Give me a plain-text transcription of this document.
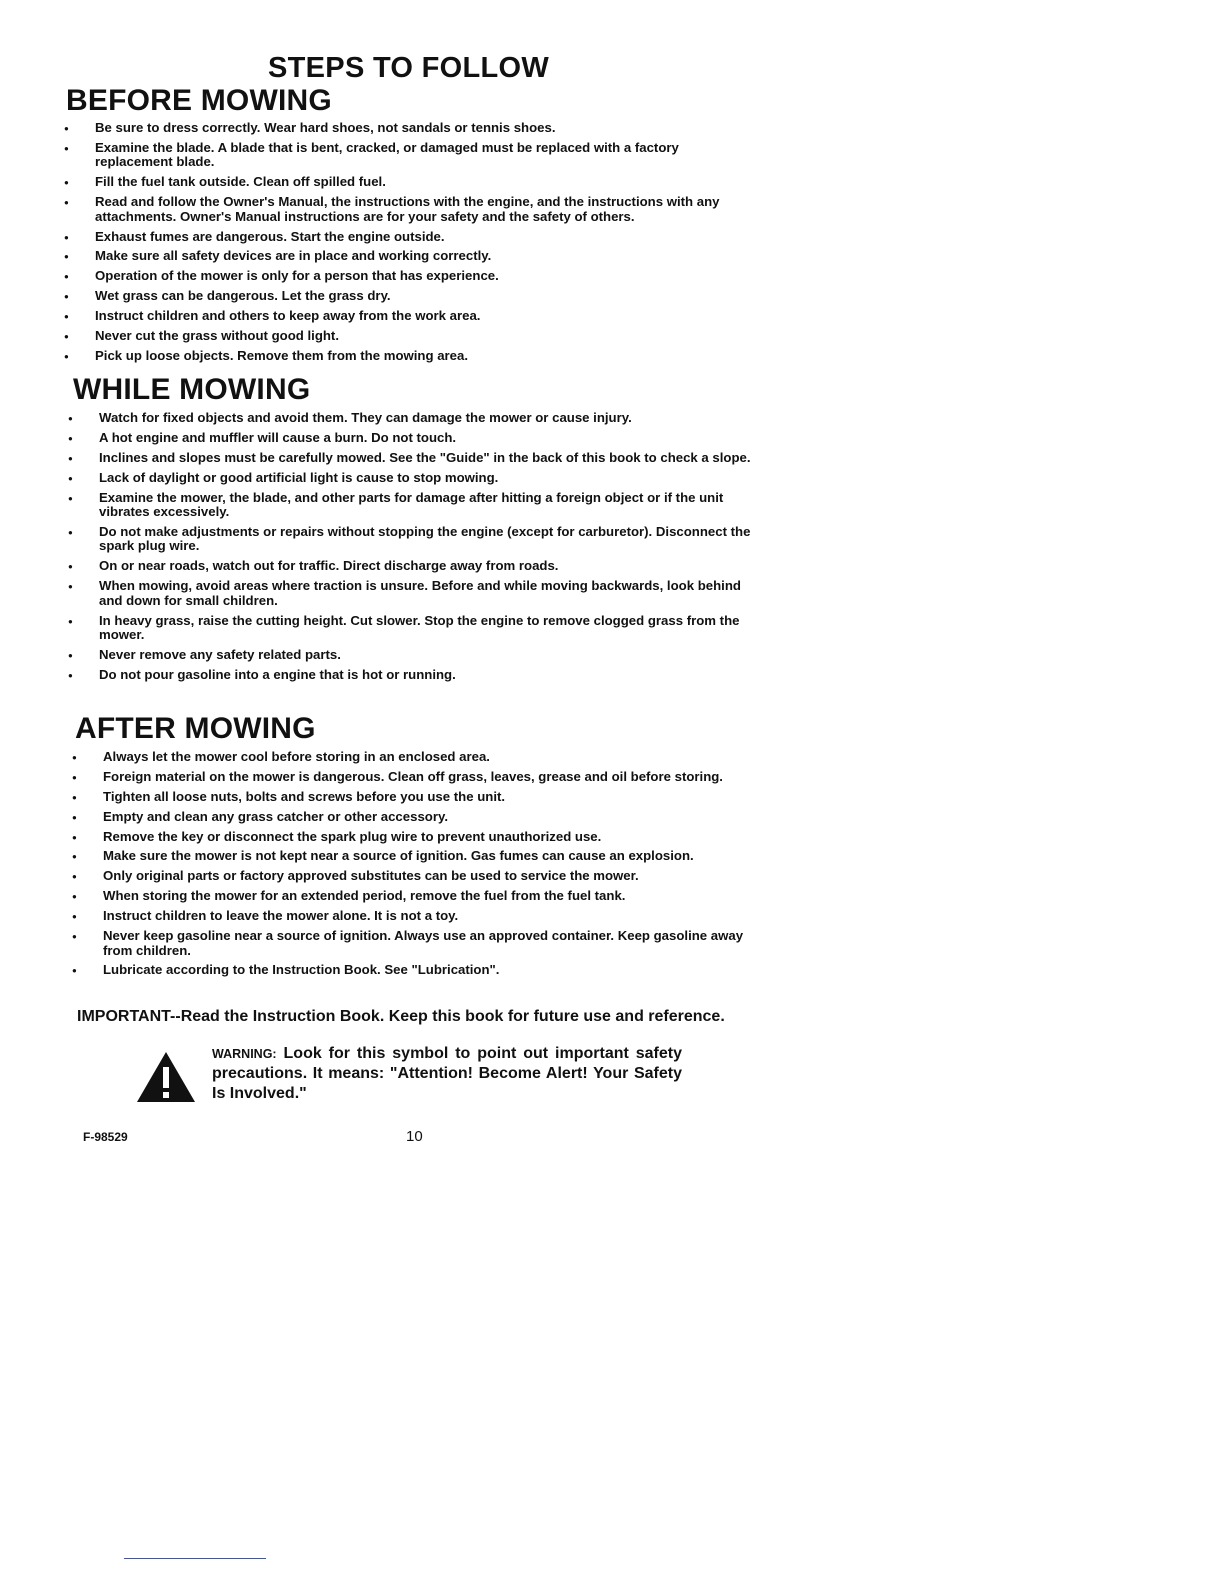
STEPS TO FOLLOW
BEFORE MOWING
● Be sure to dress correctly. Wear hard shoes, not sandals or tennis shoes.
● Examine the blade. A blade that is bent, cracked, or damaged must be replaced with a factory replacement blade.
● Fill the fuel tank outside. Clean off spilled fuel.
● Read and follow the Owner's Manual, the instructions with the engine, and the instructions with any attachments. Owner's Manual instructions are for your safety and the safety of others.
● Exhaust fumes are dangerous. Start the engine outside.
● Make sure all safety devices are in place and working correctly.
● Operation of the mower is only for a person that has experience.
● Wet grass can be dangerous. Let the grass dry.
● Instruct children and others to keep away from the work area.
● Never cut the grass without good light.
● Pick up loose objects. Remove them from the mowing area.
WHILE MOWING
● Watch for fixed objects and avoid them. They can damage the mower or cause injury.
● A hot engine and muffler will cause a burn. Do not touch.
● Inclines and slopes must be carefully mowed. See the "Guide" in the back of this book to check a slope.
● Lack of daylight or good artificial light is cause to stop mowing.
● Examine the mower, the blade, and other parts for damage after hitting a foreign object or if the unit vibrates excessively.
● Do not make adjustments or repairs without stopping the engine (except for carburetor). Disconnect the spark plug wire.
● On or near roads, watch out for traffic. Direct discharge away from roads.
● When mowing, avoid areas where traction is unsure. Before and while moving backwards, look behind and down for small children.
● In heavy grass, raise the cutting height. Cut slower. Stop the engine to remove clogged grass from the mower.
● Never remove any safety related parts.
● Do not pour gasoline into a engine that is hot or running.
AFTER MOWING
● Always let the mower cool before storing in an enclosed area.
● Foreign material on the mower is dangerous. Clean off grass, leaves, grease and oil before storing.
● Tighten all loose nuts, bolts and screws before you use the unit.
● Empty and clean any grass catcher or other accessory.
● Remove the key or disconnect the spark plug wire to prevent unauthorized use.
● Make sure the mower is not kept near a source of ignition. Gas fumes can cause an explosion.
● Only original parts or factory approved substitutes can be used to service the mower.
● When storing the mower for an extended period, remove the fuel from the fuel tank.
● Instruct children to leave the mower alone. It is not a toy.
● Never keep gasoline near a source of ignition. Always use an approved container. Keep gasoline away from children.
● Lubricate according to the Instruction Book. See "Lubrication".

IMPORTANT--Read the Instruction Book. Keep this book for future use and reference.

WARNING: Look for this symbol to point out important safety precautions. It means: "Attention! Become Alert! Your Safety Is Involved."

F-98529	10
